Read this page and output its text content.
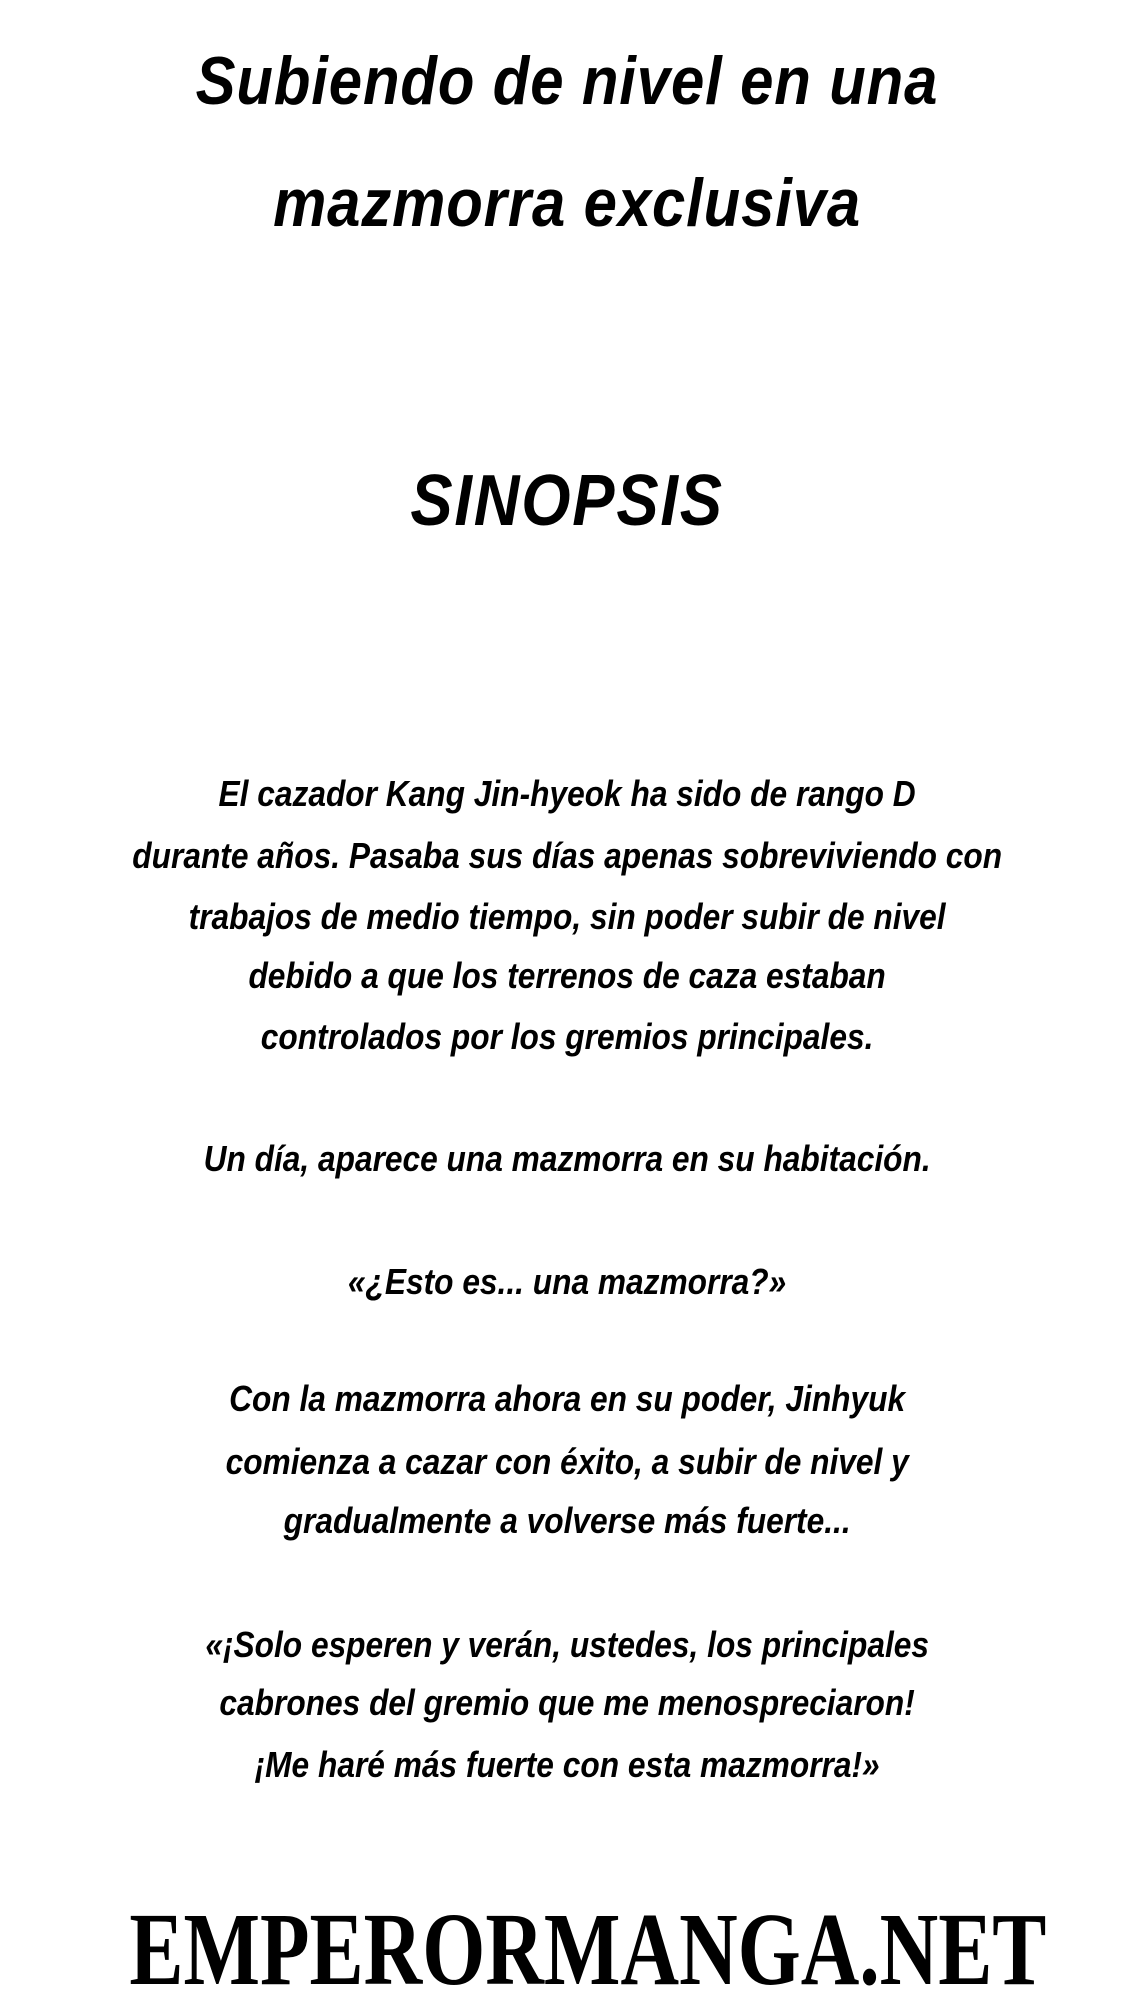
Subiendo de nivel en una
mazmorra exclusiva
SINOPSIS
El cazador Kang Jin-hyeok ha sido de rango D
durante años. Pasaba sus días apenas sobreviviendo con
trabajos de medio tiempo, sin poder subir de nivel
debido a que los terrenos de caza estaban
controlados por los gremios principales.
Un día, aparece una mazmorra en su habitación.
«¿Esto es... una mazmorra?»
Con la mazmorra ahora en su poder, Jinhyuk
comienza a cazar con éxito, a subir de nivel y
gradualmente a volverse más fuerte...
«¡Solo esperen y verán, ustedes, los principales
cabrones del gremio que me menospreciaron!
¡Me haré más fuerte con esta mazmorra!»
EMPERORMANGA.NET
